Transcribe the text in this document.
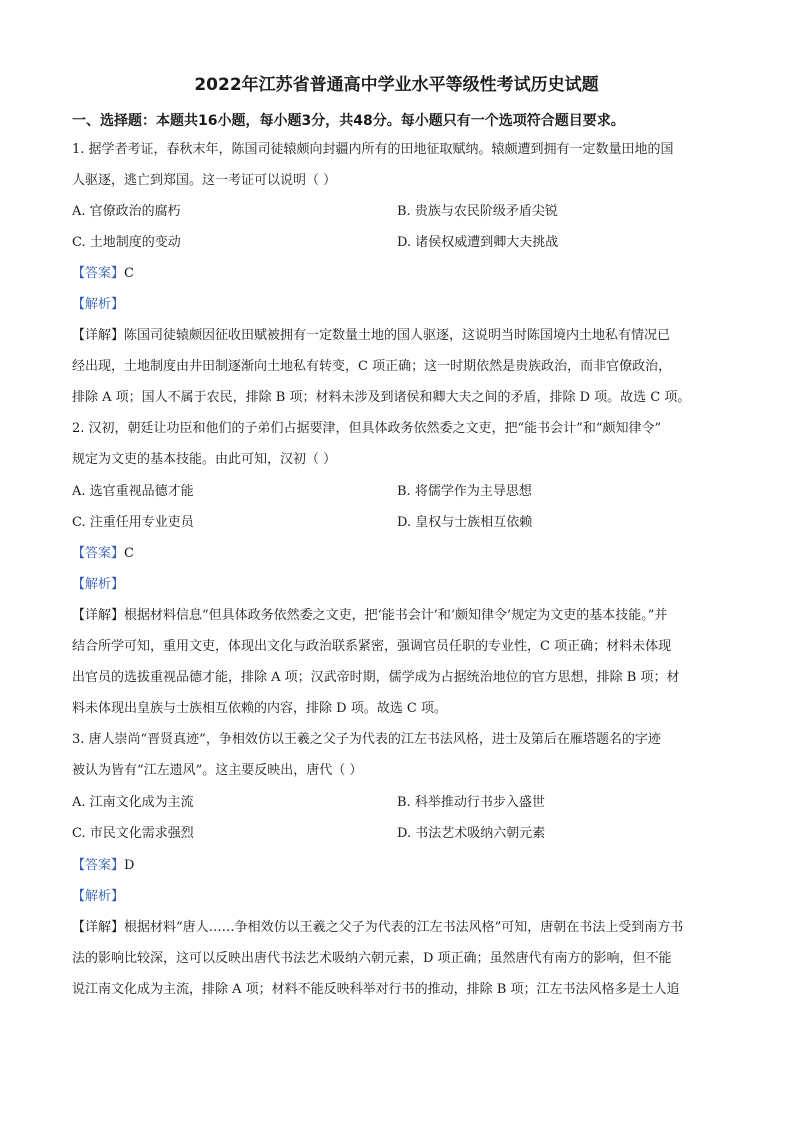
2022年江苏省普通高中学业水平等级性考试历史试题
一、选择题：本题共16小题，每小题3分，共48分。每小题只有一个选项符合题目要求。
1. 据学者考证，春秋末年，陈国司徒辕颇向封疆内所有的田地征取赋纳。辕颇遭到拥有一定数量田地的国
人驱逐，逃亡到郑国。这一考证可以说明（ ）
A. 官僚政治的腐朽	B. 贵族与农民阶级矛盾尖锐
C. 土地制度的变动	D. 诸侯权威遭到卿大夫挑战
【答案】C
【解析】
【详解】陈国司徒辕颇因征收田赋被拥有一定数量土地的国人驱逐，这说明当时陈国境内土地私有情况已
经出现，土地制度由井田制逐渐向土地私有转变，C 项正确；这一时期依然是贵族政治，而非官僚政治，
排除 A 项；国人不属于农民，排除 B 项；材料未涉及到诸侯和卿大夫之间的矛盾，排除 D 项。故选 C 项。
2. 汉初，朝廷让功臣和他们的子弟们占据要津，但具体政务依然委之文吏，把“能书会计”和“颇知律令”
规定为文吏的基本技能。由此可知，汉初（ ）
A. 选官重视品德才能	B. 将儒学作为主导思想
C. 注重任用专业吏员	D. 皇权与士族相互依赖
【答案】C
【解析】
【详解】根据材料信息“但具体政务依然委之文吏，把‘能书会计’和‘颇知律令’规定为文吏的基本技能。”并
结合所学可知，重用文吏，体现出文化与政治联系紧密，强调官员任职的专业性，C 项正确；材料未体现
出官员的选拔重视品德才能，排除 A 项；汉武帝时期，儒学成为占据统治地位的官方思想，排除 B 项；材
料未体现出皇族与士族相互依赖的内容，排除 D 项。故选 C 项。
3. 唐人崇尚“晋贤真迹”，争相效仿以王羲之父子为代表的江左书法风格，进士及第后在雁塔题名的字迹
被认为皆有“江左遗风”。这主要反映出，唐代（ ）
A. 江南文化成为主流	B. 科举推动行书步入盛世
C. 市民文化需求强烈	D. 书法艺术吸纳六朝元素
【答案】D
【解析】
【详解】根据材料“唐人……争相效仿以王羲之父子为代表的江左书法风格”可知，唐朝在书法上受到南方书
法的影响比较深，这可以反映出唐代书法艺术吸纳六朝元素，D 项正确；虽然唐代有南方的影响，但不能
说江南文化成为主流，排除 A 项；材料不能反映科举对行书的推动，排除 B 项；江左书法风格多是士人追
